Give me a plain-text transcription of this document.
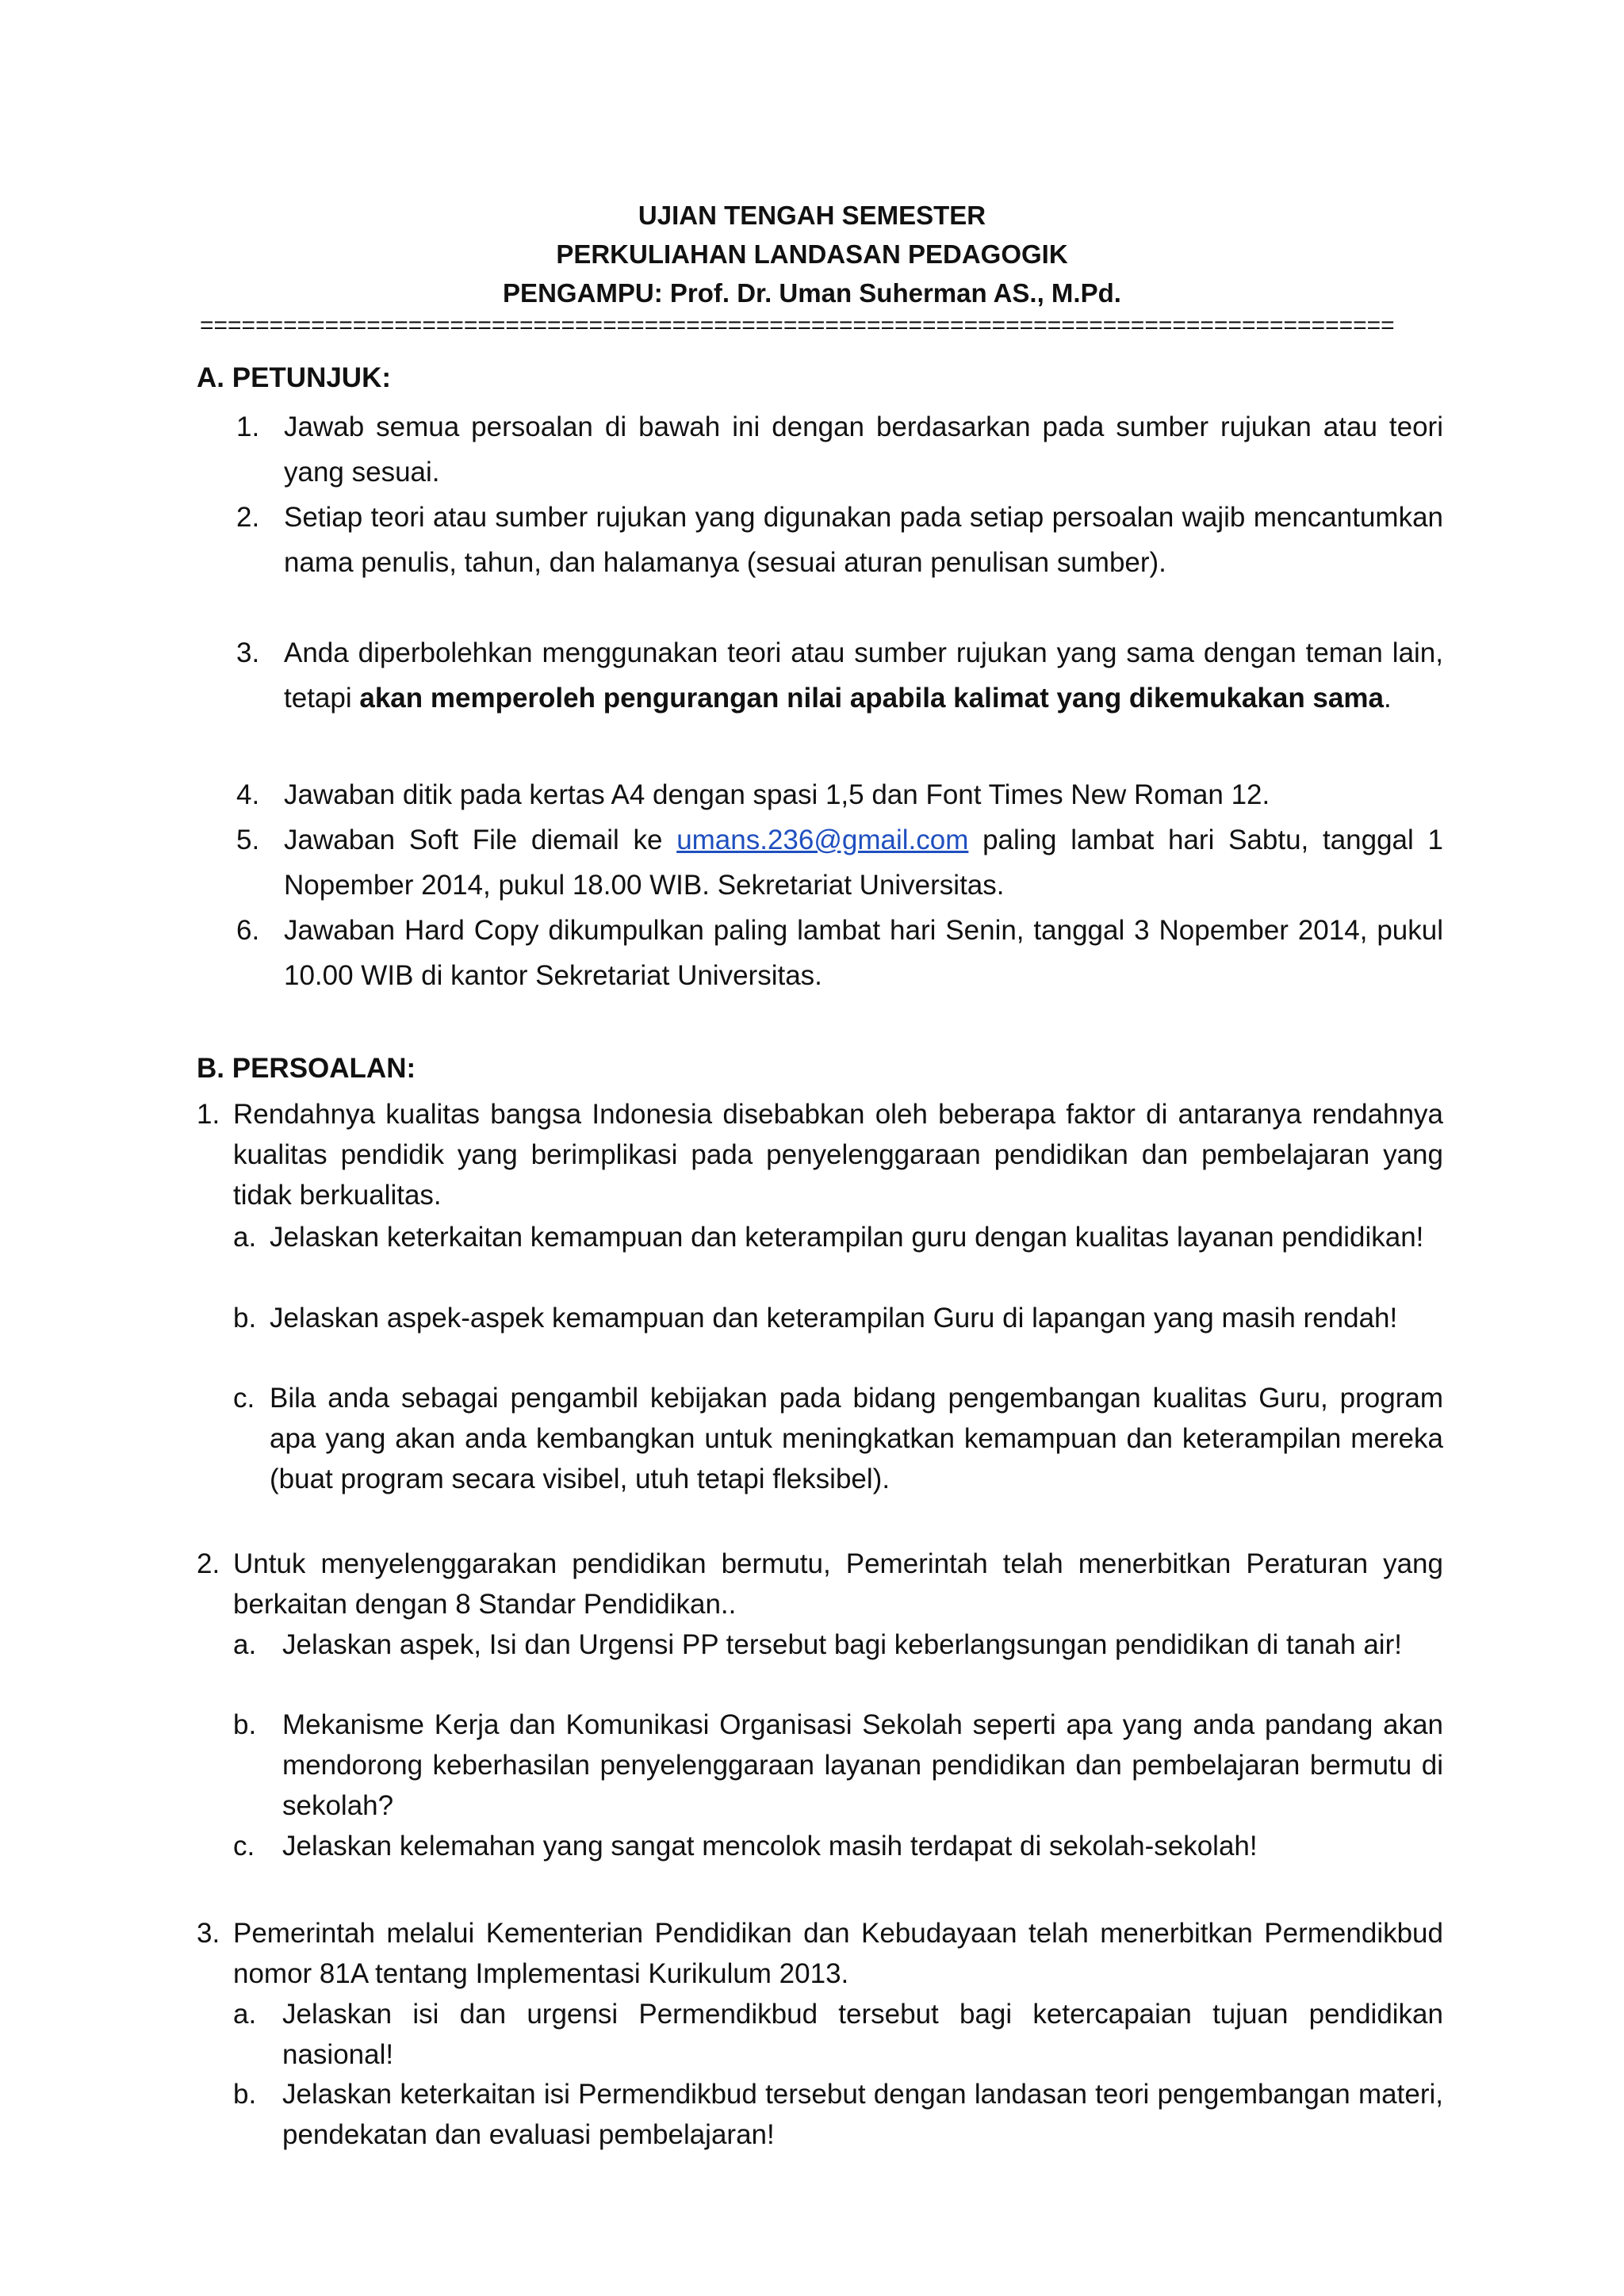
UJIAN TENGAH SEMESTER
PERKULIAHAN LANDASAN PEDAGOGIK
PENGAMPU: Prof. Dr. Uman Suherman AS., M.Pd.
======================================================================================
A. PETUNJUK:
1. Jawab semua persoalan di bawah ini dengan berdasarkan pada sumber rujukan atau teori yang sesuai.

2. Setiap teori atau sumber rujukan yang digunakan pada setiap persoalan wajib mencantumkan nama penulis, tahun, dan halamanya (sesuai aturan penulisan sumber).

3. Anda diperbolehkan menggunakan teori atau sumber rujukan yang sama dengan teman lain, tetapi akan memperoleh pengurangan nilai apabila kalimat yang dikemukakan sama.

4. Jawaban ditik pada kertas A4 dengan spasi 1,5 dan Font Times New Roman 12.

5. Jawaban Soft File diemail ke umans.236@gmail.com paling lambat hari Sabtu, tanggal 1 Nopember 2014, pukul 18.00 WIB. Sekretariat Universitas.

6. Jawaban Hard Copy dikumpulkan paling lambat hari Senin, tanggal 3 Nopember 2014, pukul 10.00 WIB di kantor Sekretariat Universitas.

B. PERSOALAN:
1. Rendahnya kualitas bangsa Indonesia disebabkan oleh beberapa faktor di antaranya rendahnya kualitas pendidik yang berimplikasi pada penyelenggaraan pendidikan dan pembelajaran yang tidak berkualitas.

a. Jelaskan keterkaitan kemampuan dan keterampilan guru dengan kualitas layanan pendidikan!

b. Jelaskan aspek-aspek kemampuan dan keterampilan Guru di lapangan yang masih rendah!

c. Bila anda sebagai pengambil kebijakan pada bidang pengembangan kualitas Guru, program apa yang akan anda kembangkan untuk meningkatkan kemampuan dan keterampilan mereka (buat program secara visibel, utuh tetapi fleksibel).

2. Untuk menyelenggarakan pendidikan bermutu, Pemerintah telah menerbitkan Peraturan yang berkaitan dengan 8 Standar Pendidikan..

a. Jelaskan aspek, Isi dan Urgensi PP tersebut bagi keberlangsungan pendidikan di tanah air!

b. Mekanisme Kerja dan Komunikasi Organisasi Sekolah seperti apa yang anda pandang akan mendorong keberhasilan penyelenggaraan layanan pendidikan dan pembelajaran bermutu di sekolah?

c. Jelaskan kelemahan yang sangat mencolok masih terdapat di sekolah-sekolah!

3. Pemerintah melalui Kementerian Pendidikan dan Kebudayaan telah menerbitkan Permendikbud nomor 81A tentang Implementasi Kurikulum 2013.

a. Jelaskan isi dan urgensi Permendikbud tersebut bagi ketercapaian tujuan pendidikan nasional!

b. Jelaskan keterkaitan isi Permendikbud tersebut dengan landasan teori pengembangan materi, pendekatan dan evaluasi pembelajaran!
